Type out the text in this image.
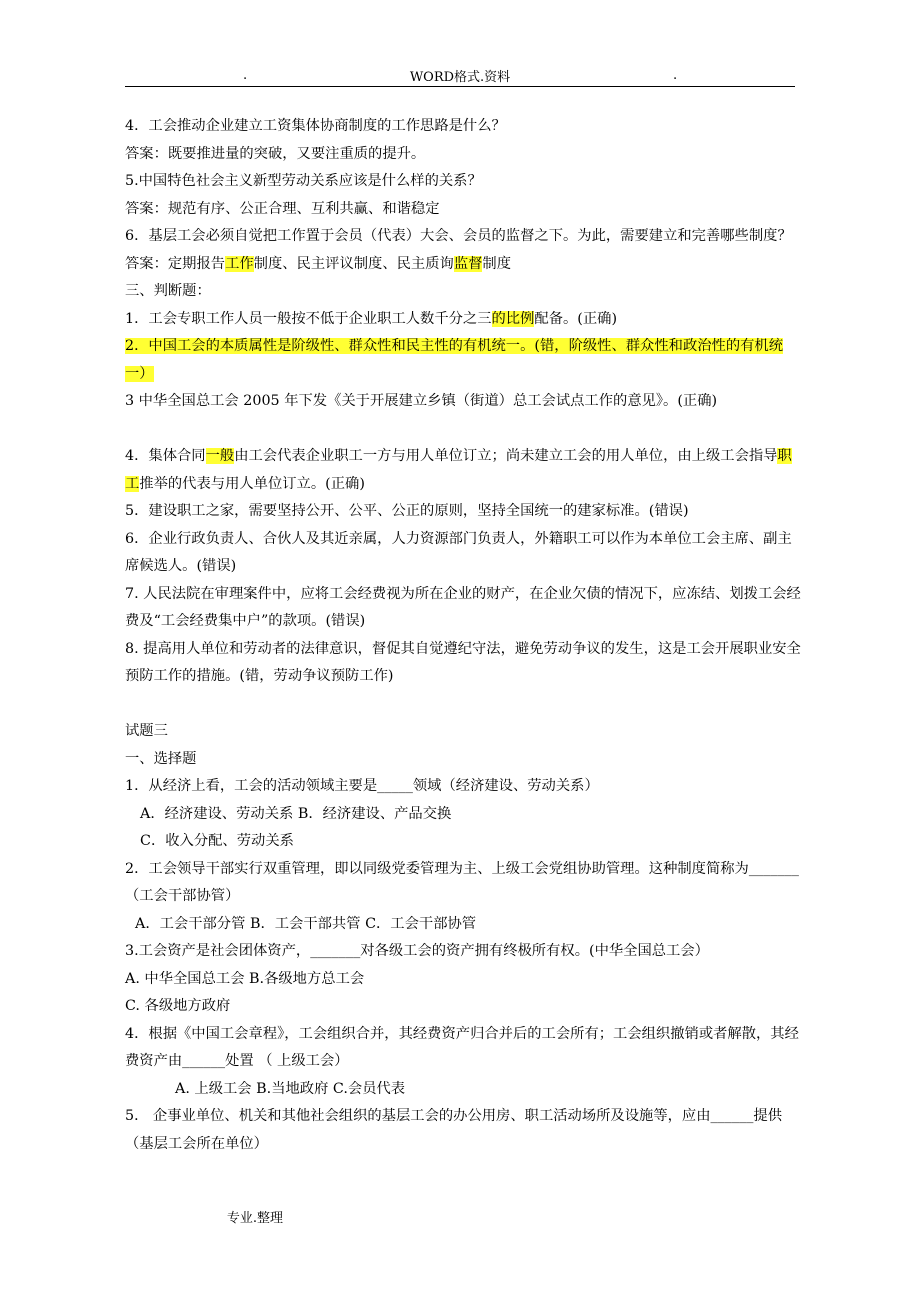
.	WORD格式.资料	.

4．工会推动企业建立工资集体协商制度的工作思路是什么？

答案：既要推进量的突破，又要注重质的提升。

5.中国特色社会主义新型劳动关系应该是什么样的关系？

答案：规范有序、公正合理、互利共赢、和谐稳定

6．基层工会必须自觉把工作置于会员（代表）大会、会员的监督之下。为此，需要建立和完善哪些制度？

答案：定期报告工作制度、民主评议制度、民主质询监督制度

三、判断题：

1．工会专职工作人员一般按不低于企业职工人数千分之三的比例配备。(正确)

2．中国工会的本质属性是阶级性、群众性和民主性的有机统一。(错，阶级性、群众性和政治性的有机统一）

3 中华全国总工会 2005 年下发《关于开展建立乡镇（街道）总工会试点工作的意见》。(正确)

4．集体合同一般由工会代表企业职工一方与用人单位订立；尚未建立工会的用人单位，由上级工会指导职工推举的代表与用人单位订立。(正确)

5．建设职工之家，需要坚持公开、公平、公正的原则，坚持全国统一的建家标准。(错误)

6．企业行政负责人、合伙人及其近亲属，人力资源部门负责人，外籍职工可以作为本单位工会主席、副主席候选人。(错误)

7. 人民法院在审理案件中，应将工会经费视为所在企业的财产，在企业欠债的情况下，应冻结、划拨工会经费及“工会经费集中户”的款项。(错误)

8. 提高用人单位和劳动者的法律意识，督促其自觉遵纪守法，避免劳动争议的发生，这是工会开展职业安全预防工作的措施。(错，劳动争议预防工作)

试题三

一、选择题

1．从经济上看，工会的活动领域主要是_____领域（经济建设、劳动关系）

A．经济建设、劳动关系 B．经济建设、产品交换

C．收入分配、劳动关系

2．工会领导干部实行双重管理，即以同级党委管理为主、上级工会党组协助管理。这种制度简称为_______（工会干部协管）

A．工会干部分管 B．工会干部共管 C．工会干部协管

3.工会资产是社会团体资产，_______对各级工会的资产拥有终极所有权。(中华全国总工会）

A. 中华全国总工会 B.各级地方总工会

C. 各级地方政府

4．根据《中国工会章程》，工会组织合并，其经费资产归合并后的工会所有；工会组织撤销或者解散，其经费资产由______处置 （ 上级工会）

A. 上级工会 B.当地政府 C.会员代表

5． 企事业单位、机关和其他社会组织的基层工会的办公用房、职工活动场所及设施等，应由______提供（基层工会所在单位）

专业.整理
